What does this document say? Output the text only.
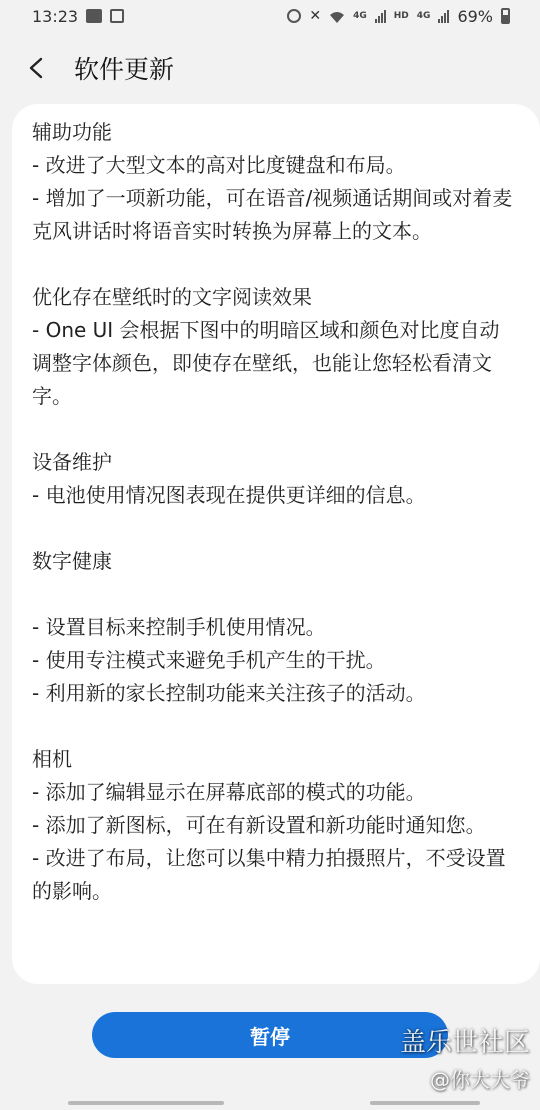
13:23	✕	4G	HD 4G 69%
软件更新
辅助功能
- 改进了大型文本的高对比度键盘和布局。
- 增加了一项新功能，可在语音/视频通话期间或对着麦克风讲话时将语音实时转换为屏幕上的文本。

优化存在壁纸时的文字阅读效果
- One UI 会根据下图中的明暗区域和颜色对比度自动调整字体颜色，即使存在壁纸，也能让您轻松看清文字。

设备维护
- 电池使用情况图表现在提供更详细的信息。

数字健康

- 设置目标来控制手机使用情况。
- 使用专注模式来避免手机产生的干扰。
- 利用新的家长控制功能来关注孩子的活动。

相机
- 添加了编辑显示在屏幕底部的模式的功能。
- 添加了新图标，可在有新设置和新功能时通知您。
- 改进了布局，让您可以集中精力拍摄照片，不受设置的影响。
暂停	盖乐世社区
@你大大爷
